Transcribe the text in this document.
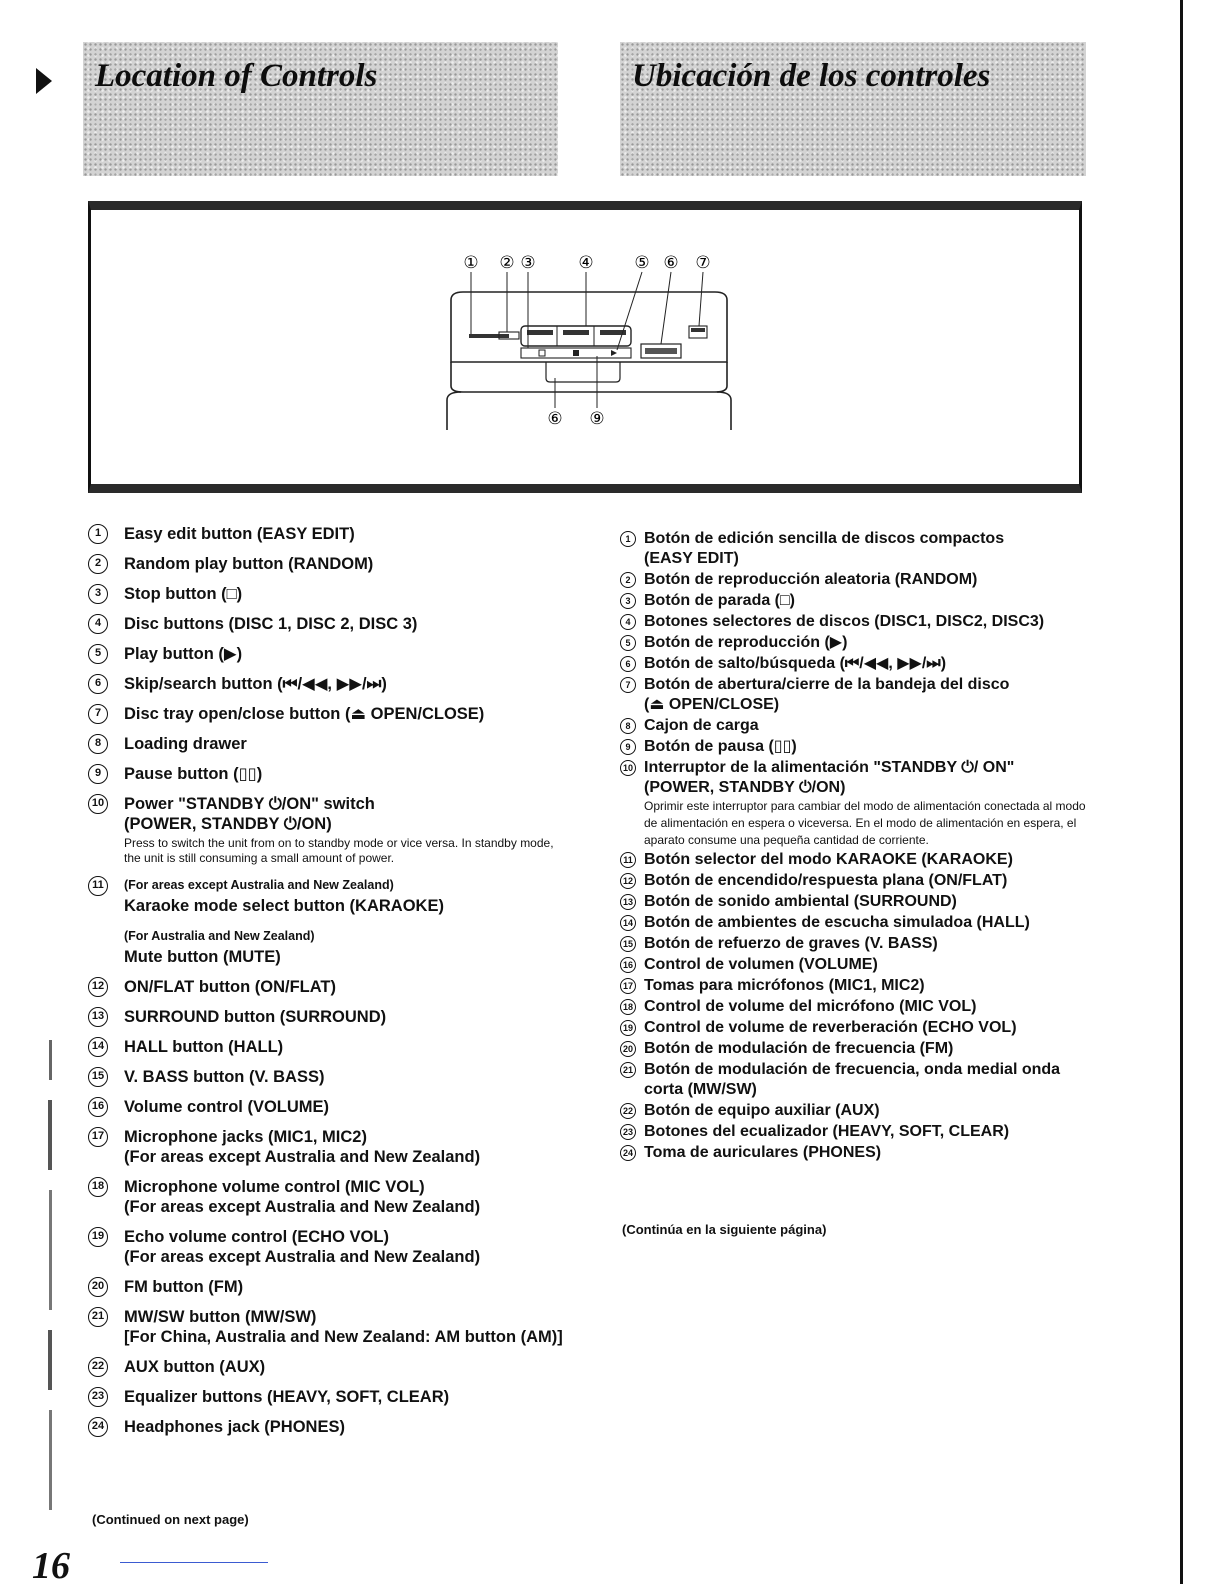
Location of Controls	Ubicación de los controles
① ② ③	④ ⑤ ⑥ ⑦
⑥ ⑨
1	Easy edit button (EASY EDIT)
2	Random play button (RANDOM)
3	Stop button (□)
4	Disc buttons (DISC 1, DISC 2, DISC 3)
5	Play button (▶)
6	Skip/search button (⏮/◀◀, ▶▶/⏭)
7	Disc tray open/close button (⏏ OPEN/CLOSE)
8	Loading drawer
9	Pause button (▯▯)
10 Power "STANDBY ⏻/ON" switch
(POWER, STANDBY ⏻/ON)
Press to switch the unit from on to standby mode or vice versa. In standby mode, the unit is still consuming a small amount of power.
11	(For areas except Australia and New Zealand)
Karaoke mode select button (KARAOKE)
(For Australia and New Zealand)
Mute button (MUTE)
12 ON/FLAT button (ON/FLAT)
13 SURROUND button (SURROUND)
14 HALL button (HALL)
15 V. BASS button (V. BASS)
16 Volume control (VOLUME)
17 Microphone jacks (MIC1, MIC2)
(For areas except Australia and New Zealand)
18 Microphone volume control (MIC VOL)
(For areas except Australia and New Zealand)
19 Echo volume control (ECHO VOL)
(For areas except Australia and New Zealand)
20 FM button (FM)
21 MW/SW button (MW/SW)
[For China, Australia and New Zealand: AM button (AM)]
22 AUX button (AUX)
23 Equalizer buttons (HEAVY, SOFT, CLEAR)
24 Headphones jack (PHONES)
1 Botón de edición sencilla de discos compactos
(EASY EDIT)
2 Botón de reproducción aleatoria (RANDOM)
3 Botón de parada (□)
4 Botones selectores de discos (DISC1, DISC2, DISC3)
5 Botón de reproducción (▶)
6 Botón de salto/búsqueda (⏮/◀◀, ▶▶/⏭)
7 Botón de abertura/cierre de la bandeja del disco
(⏏ OPEN/CLOSE)
8 Cajon de carga
9 Botón de pausa (▯▯)
10 Interruptor de la alimentación "STANDBY ⏻/ ON"
(POWER, STANDBY ⏻/ON)
Oprimir este interruptor para cambiar del modo de alimentación conectada al modo de alimentación en espera o viceversa. En el modo de alimentación en espera, el aparato consume una pequeña cantidad de corriente.
11 Botón selector del modo KARAOKE (KARAOKE)
12 Botón de encendido/respuesta plana (ON/FLAT)
13 Botón de sonido ambiental (SURROUND)
14 Botón de ambientes de escucha simuladoa (HALL)
15 Botón de refuerzo de graves (V. BASS)
16 Control de volumen (VOLUME)
17 Tomas para micrófonos (MIC1, MIC2)
18 Control de volume del micrófono (MIC VOL)
19 Control de volume de reverberación (ECHO VOL)
20 Botón de modulación de frecuencia (FM)
21 Botón de modulación de frecuencia, onda medial onda corta (MW/SW)
22 Botón de equipo auxiliar (AUX)
23 Botones del ecualizador (HEAVY, SOFT, CLEAR)
24 Toma de auriculares (PHONES)
(Continued on next page)
(Continúa en la siguiente página)
16
